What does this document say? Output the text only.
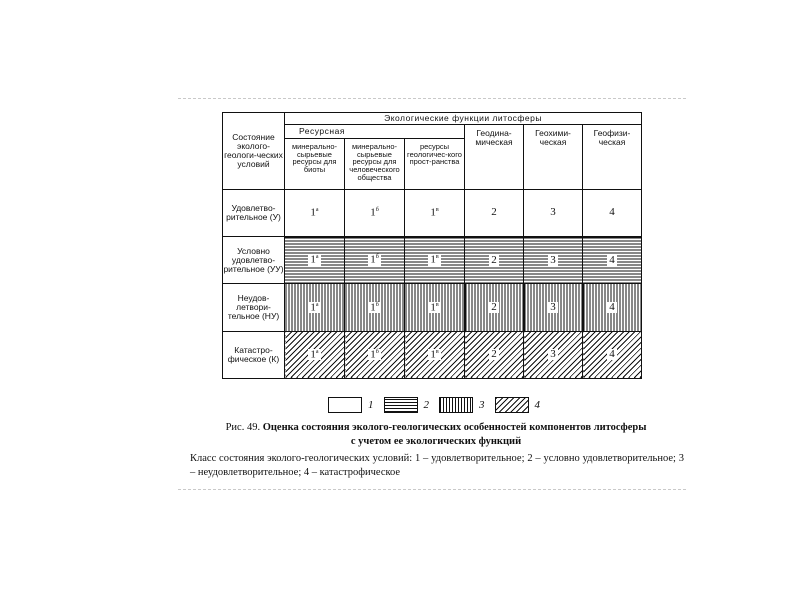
Состояние эколого-геологи-ческих условий	Экологические функции литосферы					
	Ресурсная			Геодина-мическая	Геохими-ческая	Геофизи-ческая
	минерально-сырьевые ресурсы для биоты	минерально-сырьевые ресурсы для человеческого общества	ресурсы геологичес-кого прост-ранства			
Удовлетво-рительное (У)	$1^а$	$1^б$	$1^в$	2	3	4
Условно удовлетво-рительное (УУ)	$1^а$	$1^б$	$1^в$	2	3	4
Неудов-летвори-тельное (НУ)	$1^а$	$1^б$	$1^в$	2	3	4
Катастро-фическое (К)	$1^а$	$1^б$	$1^в$	2	3	4
1	2	3	4
Рис. 49. Оценка состояния эколого-геологических особенностей компонентов литосферы
с учетом ее экологических функций
Класс состояния эколого-геологических условий: 1 – удовлетворительное; 2 – условно удовлетворительное; 3 – неудовлетворительное; 4 – катастрофическое
